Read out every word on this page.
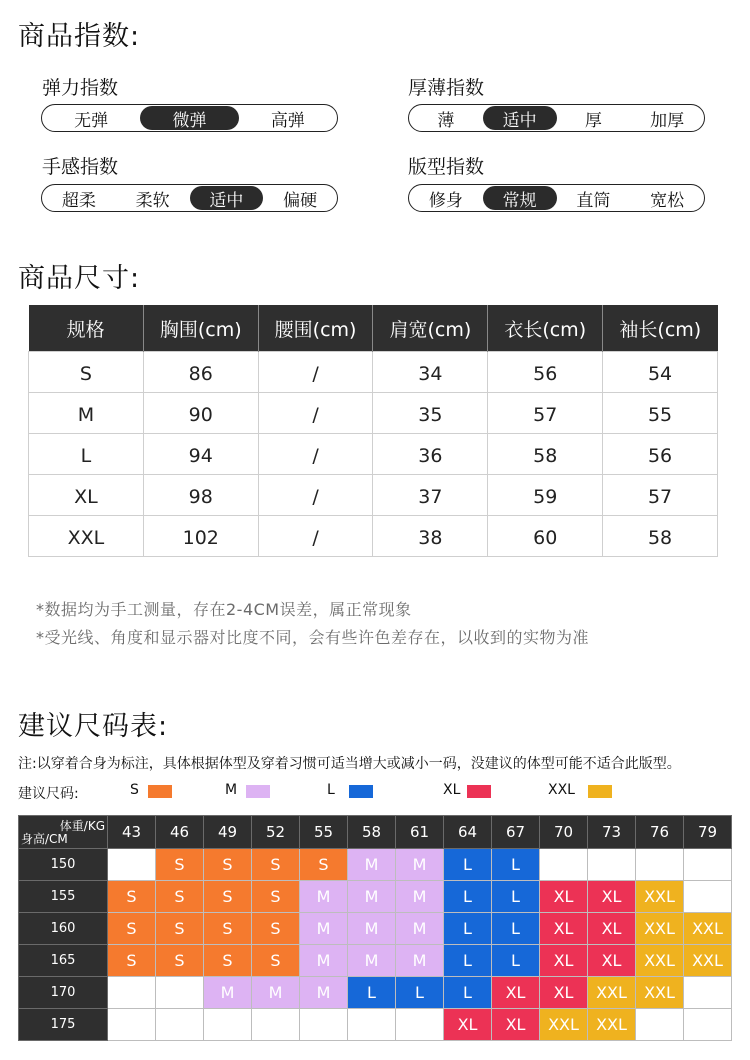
商品指数:
弹力指数
无弹	微弹	高弹
厚薄指数
薄	适中	厚	加厚
手感指数
超柔	柔软	适中	偏硬
版型指数
修身	常规	直筒	宽松
商品尺寸:
规格	胸围(cm)	腰围(cm)	肩宽(cm)	衣长(cm)	袖长(cm)
S	86	/	34	56	54
M	90	/	35	57	55
L	94	/	36	58	56
XL	98	/	37	59	57
XXL	102	/	38	60	58
*数据均为手工测量，存在2-4CM误差，属正常现象
*受光线、角度和显示器对比度不同，会有些许色差存在，以收到的实物为准
建议尺码表:
注:以穿着合身为标注，具体根据体型及穿着习惯可适当增大或减小一码，没建议的体型可能不适合此版型。
建议尺码:	S	M	L	XL	XXL
体重/KG
身高/CM	43	46	49	52	55	58	61	64	67	70	73	76	79
150		S	S	S	S	M	M	L	L				
155	S	S	S	S	M	M	M	L	L	XL	XL	XXL	
160	S	S	S	S	M	M	M	L	L	XL	XL	XXL	XXL
165	S	S	S	S	M	M	M	L	L	XL	XL	XXL	XXL
170			M	M	M	L	L	L	XL	XL	XXL	XXL	
175								XL	XL	XXL	XXL		
